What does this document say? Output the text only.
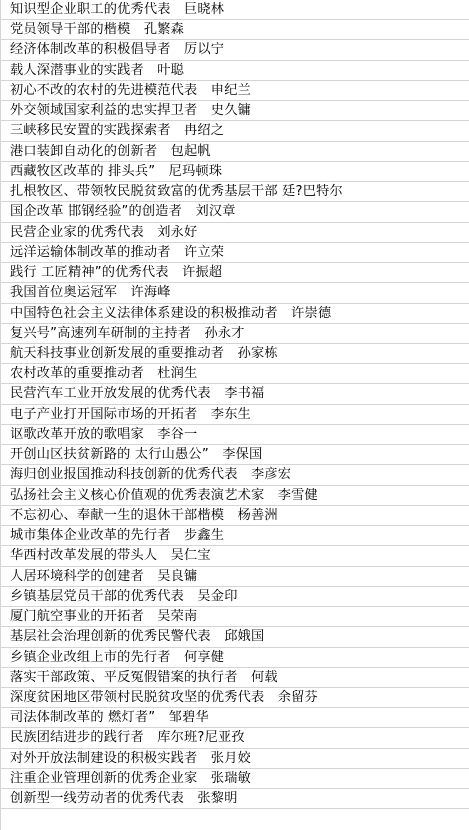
知识型企业职工的优秀代表　巨晓林
党员领导干部的楷模　孔繁森
经济体制改革的积极倡导者　厉以宁
载人深潜事业的实践者　叶聪
初心不改的农村的先进模范代表　申纪兰
外交领域国家利益的忠实捍卫者　史久镛
三峡移民安置的实践探索者　冉绍之
港口装卸自动化的创新者　包起帆
西藏牧区改革的 排头兵”　尼玛顿珠
扎根牧区、带领牧民脱贫致富的优秀基层干部 廷?巴特尔
国企改革 邯钢经验”的创造者　刘汉章
民营企业家的优秀代表　刘永好
远洋运输体制改革的推动者　许立荣
践行 工匠精神”的优秀代表　许振超
我国首位奥运冠军　许海峰
中国特色社会主义法律体系建设的积极推动者　许崇德
复兴号”高速列车研制的主持者　孙永才
航天科技事业创新发展的重要推动者　孙家栋
农村改革的重要推动者　杜润生
民营汽车工业开放发展的优秀代表　李书福
电子产业打开国际市场的开拓者　李东生
讴歌改革开放的歌唱家　李谷一
开创山区扶贫新路的 太行山愚公”　李保国
海归创业报国推动科技创新的优秀代表　李彦宏
弘扬社会主义核心价值观的优秀表演艺术家　李雪健
不忘初心、奉献一生的退休干部楷模　杨善洲
城市集体企业改革的先行者　步鑫生
华西村改革发展的带头人　吴仁宝
人居环境科学的创建者　吴良镛
乡镇基层党员干部的优秀代表　吴金印
厦门航空事业的开拓者　吴荣南
基层社会治理创新的优秀民警代表　邱娥国
乡镇企业改组上市的先行者　何享健
落实干部政策、平反冤假错案的执行者　何载
深度贫困地区带领村民脱贫攻坚的优秀代表　余留芬
司法体制改革的 燃灯者”　邹碧华
民族团结进步的践行者　库尔班?尼亚孜
对外开放法制建设的积极实践者　张月姣
注重企业管理创新的优秀企业家　张瑞敏
创新型一线劳动者的优秀代表　张黎明
